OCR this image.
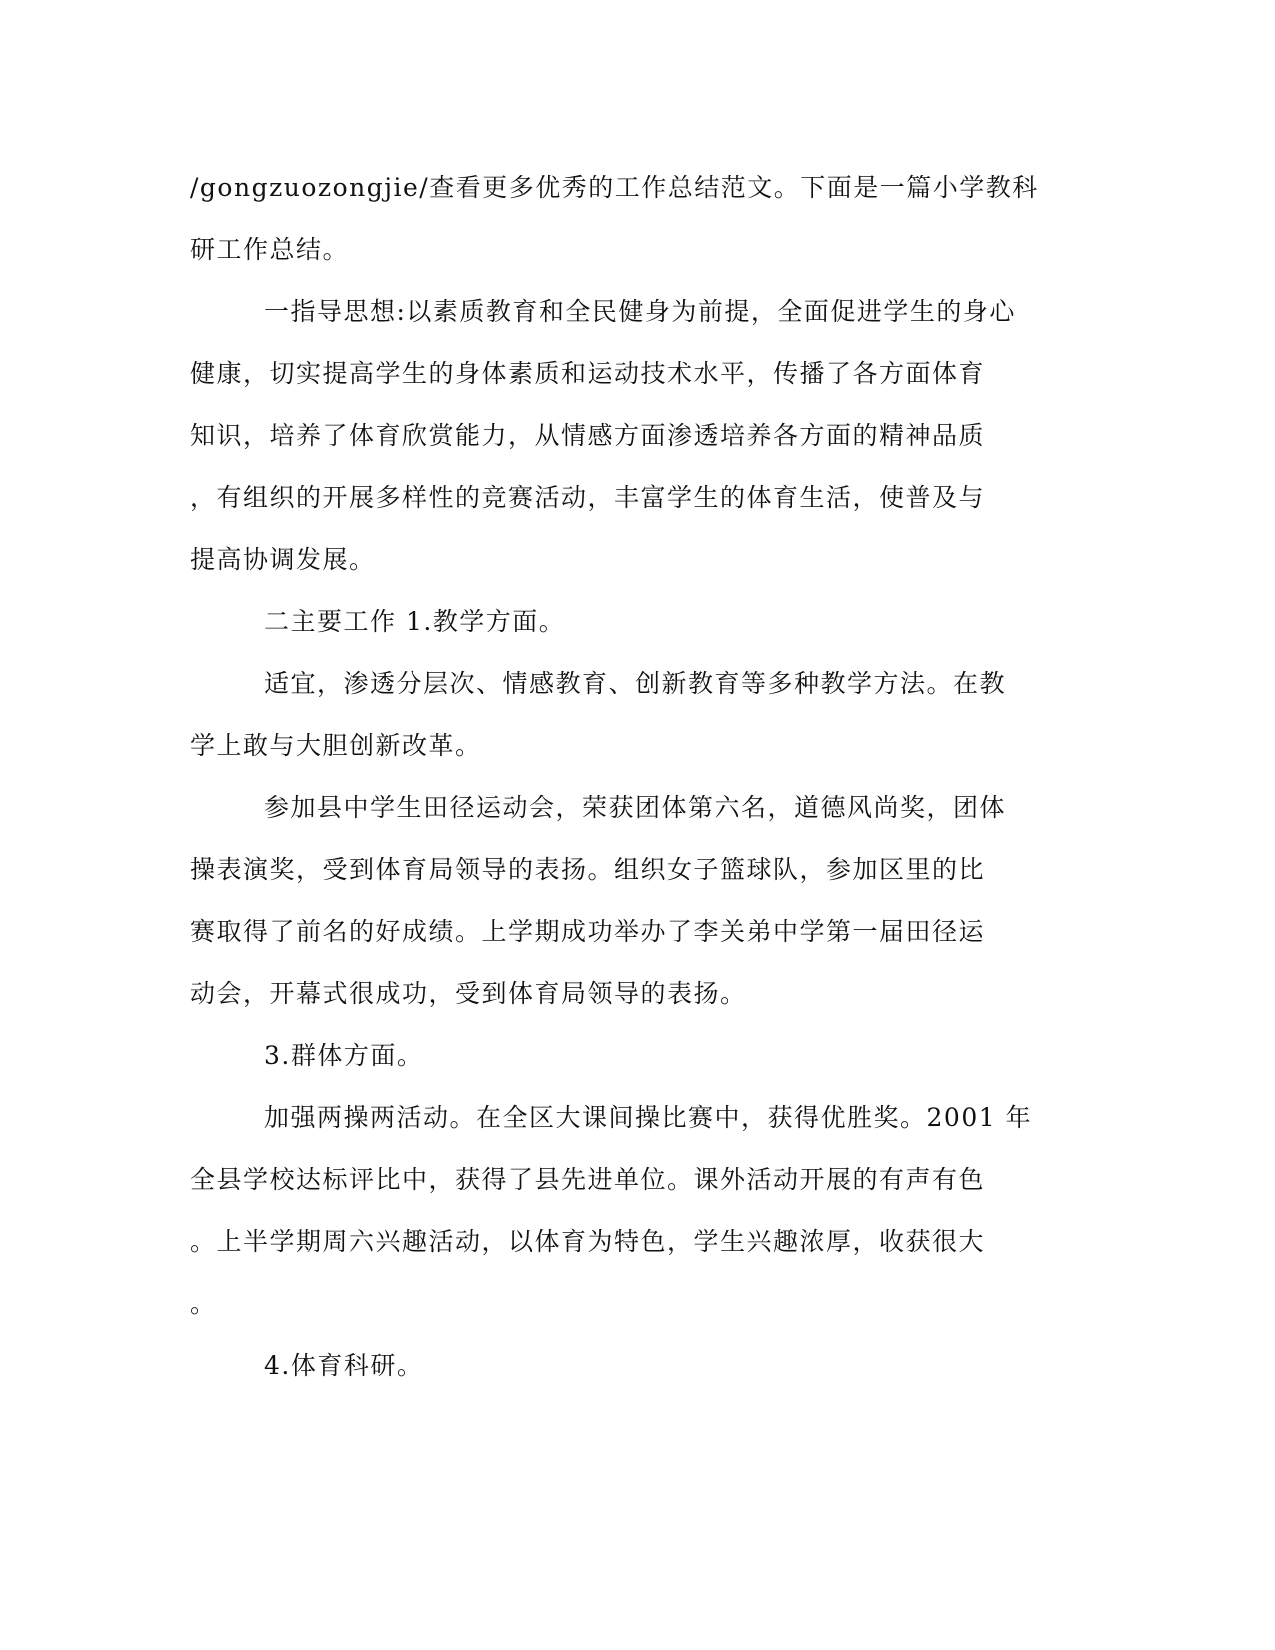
/gongzuozongjie/查看更多优秀的工作总结范文。下面是一篇小学教科
研工作总结。
一指导思想:以素质教育和全民健身为前提，全面促进学生的身心
健康，切实提高学生的身体素质和运动技术水平，传播了各方面体育
知识，培养了体育欣赏能力，从情感方面渗透培养各方面的精神品质
，有组织的开展多样性的竞赛活动，丰富学生的体育生活，使普及与
提高协调发展。
二主要工作 1.教学方面。
适宜，渗透分层次、情感教育、创新教育等多种教学方法。在教
学上敢与大胆创新改革。
参加县中学生田径运动会，荣获团体第六名，道德风尚奖，团体
操表演奖，受到体育局领导的表扬。组织女子篮球队，参加区里的比
赛取得了前名的好成绩。上学期成功举办了李关弟中学第一届田径运
动会，开幕式很成功，受到体育局领导的表扬。
3.群体方面。
加强两操两活动。在全区大课间操比赛中，获得优胜奖。2001 年
全县学校达标评比中，获得了县先进单位。课外活动开展的有声有色
。上半学期周六兴趣活动，以体育为特色，学生兴趣浓厚，收获很大
。
4.体育科研。
